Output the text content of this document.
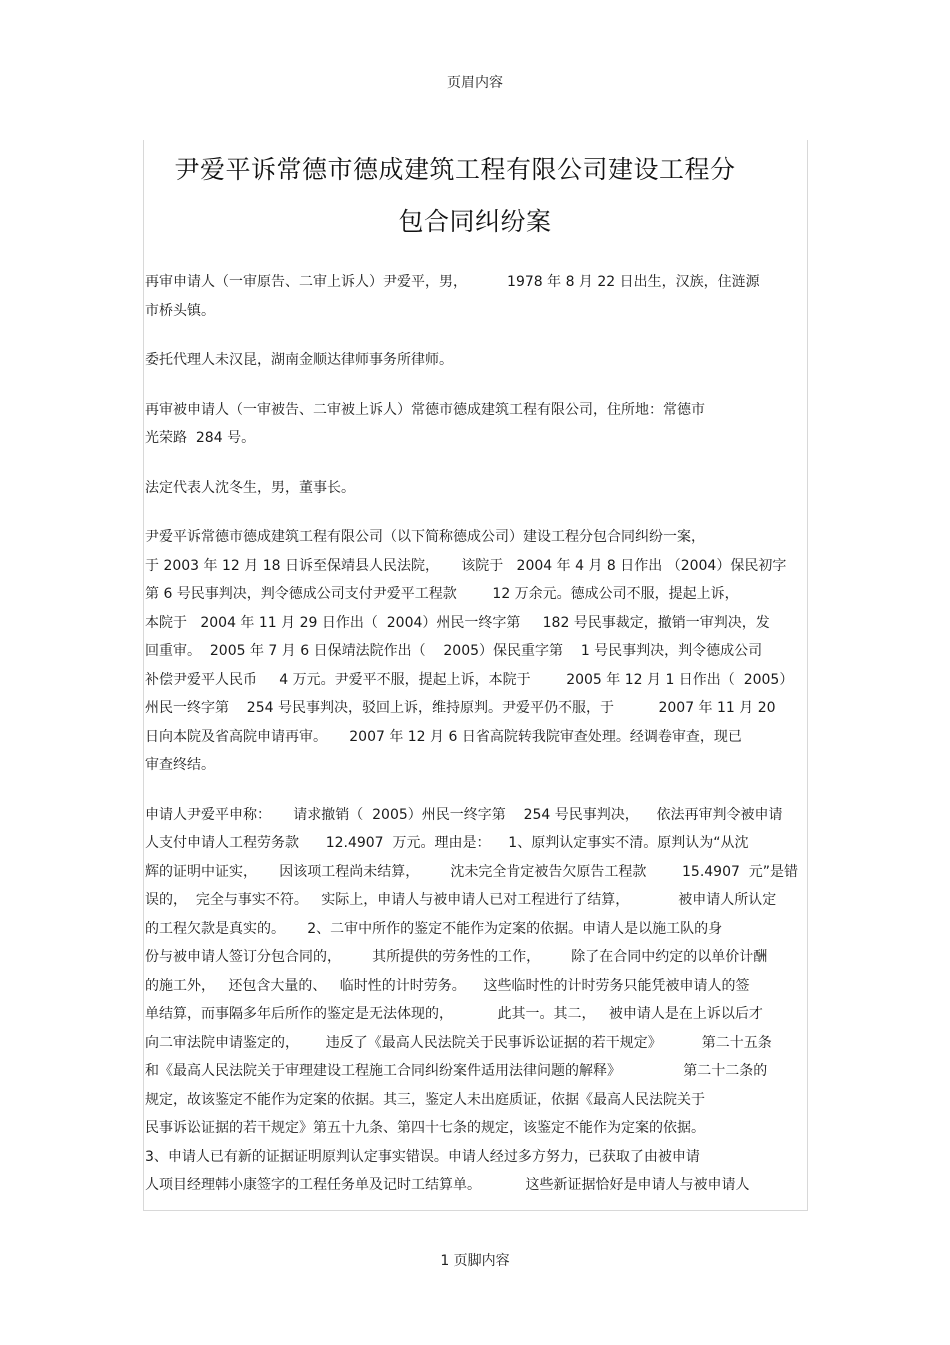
页眉内容
尹爱平诉常德市德成建筑工程有限公司建设工程分
包合同纠纷案
再审申请人（一审原告、二审上诉人）尹爱平，男，         1978 年 8 月 22 日出生，汉族，住涟源
市桥头镇。
委托代理人未汉昆，湖南金顺达律师事务所律师。
再审被申请人（一审被告、二审被上诉人）常德市德成建筑工程有限公司，住所地：常德市
光荣路  284 号。
法定代表人沈冬生，男，董事长。
尹爱平诉常德市德成建筑工程有限公司（以下简称德成公司）建设工程分包合同纠纷一案，
于 2003 年 12 月 18 日诉至保靖县人民法院，     该院于   2004 年 4 月 8 日作出 （2004）保民初字
第 6 号民事判决，判令德成公司支付尹爱平工程款        12 万余元。德成公司不服，提起上诉，
本院于   2004 年 11 月 29 日作出（  2004）州民一终字第     182 号民事裁定，撤销一审判决，发
回重审。  2005 年 7 月 6 日保靖法院作出（    2005）保民重字第    1 号民事判决，判令德成公司
补偿尹爱平人民币     4 万元。尹爱平不服，提起上诉，本院于        2005 年 12 月 1 日作出（  2005）
州民一终字第    254 号民事判决，驳回上诉，维持原判。尹爱平仍不服，于          2007 年 11 月 20
日向本院及省高院申请再审。     2007 年 12 月 6 日省高院转我院审查处理。经调卷审查，现已
审查终结。
申请人尹爱平申称：     请求撤销（  2005）州民一终字第    254 号民事判决，    依法再审判令被申请
人支付申请人工程劳务款      12.4907  万元。理由是：    1、原判认定事实不清。原判认为“从沈
辉的证明中证实，     因该项工程尚未结算，       沈未完全肯定被告欠原告工程款        15.4907  元”是错
误的，  完全与事实不符。   实际上，申请人与被申请人已对工程进行了结算，           被申请人所认定
的工程欠款是真实的。     2、二审中所作的鉴定不能作为定案的依据。申请人是以施工队的身
份与被申请人签订分包合同的，       其所提供的劳务性的工作，       除了在合同中约定的以单价计酬
的施工外，   还包含大量的、   临时性的计时劳务。    这些临时性的计时劳务只能凭被申请人的签
单结算，而事隔多年后所作的鉴定是无法体现的，          此其一。其二，   被申请人是在上诉以后才
向二审法院申请鉴定的，      违反了《最高人民法院关于民事诉讼证据的若干规定》         第二十五条
和《最高人民法院关于审理建设工程施工合同纠纷案件适用法律问题的解释》              第二十二条的
规定，故该鉴定不能作为定案的依据。其三，鉴定人未出庭质证，依据《最高人民法院关于
民事诉讼证据的若干规定》第五十九条、第四十七条的规定，该鉴定不能作为定案的依据。
3、申请人已有新的证据证明原判认定事实错误。申请人经过多方努力，已获取了由被申请
人项目经理韩小康签字的工程任务单及记时工结算单。          这些新证据恰好是申请人与被申请人
1 页脚内容
